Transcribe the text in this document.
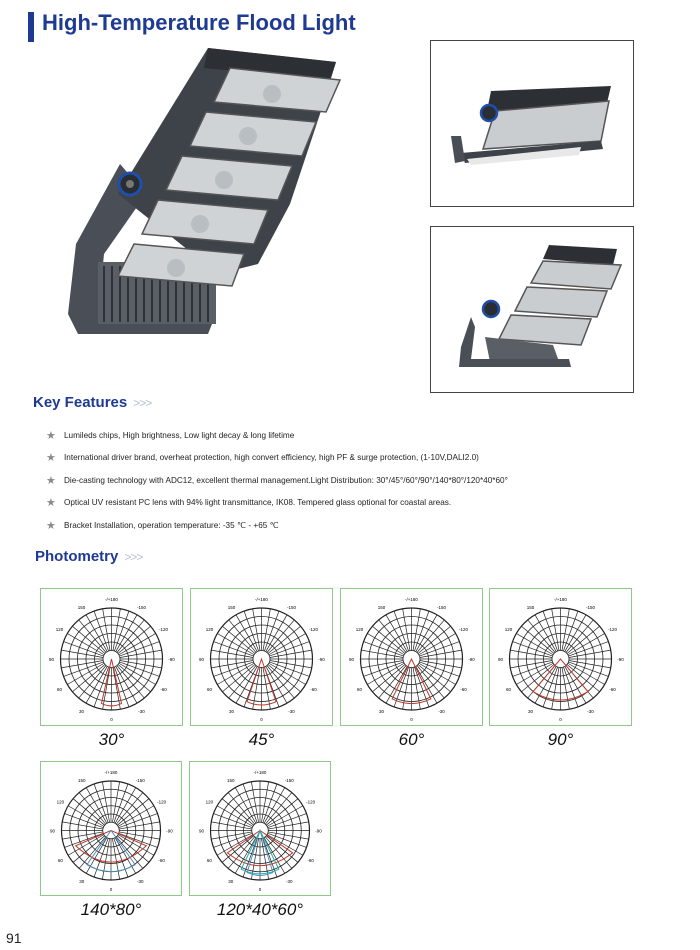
High-Temperature Flood Light
Key Features >>>
★ Lumileds chips, High brightness, Low light decay & long lifetime
★ International driver brand, overheat protection, high convert efficiency, high PF & surge protection, (1-10V,DALI2.0)
★ Die-casting technology with ADC12, excellent thermal management.Light Distribution: 30°/45°/60°/90°/140*80°/120*40*60°
★ Optical UV resistant PC lens with 94% light transmittance, IK08. Tempered glass optional for coastal areas.
★ Bracket Installation, operation temperature: -35 ℃ - +65 ℃
Photometry >>>
91
-/+180
150
120
90
60
30
0
-30
-60
-90
-120
-150
30°
-/+180
150
120
90
60
30
0
-30
-60
-90
-120
-150
45°
-/+180
150
120
90
60
30
0
-30
-60
-90
-120
-150
60°
-/+180
150
120
90
60
30
0
-30
-60
-90
-120
-150
90°
-/+180
150
120
90
60
30
0
-30
-60
-90
-120
-150
140*80°
-/+180
150
120
90
60
30
0
-30
-60
-90
-120
-150
120*40*60°
